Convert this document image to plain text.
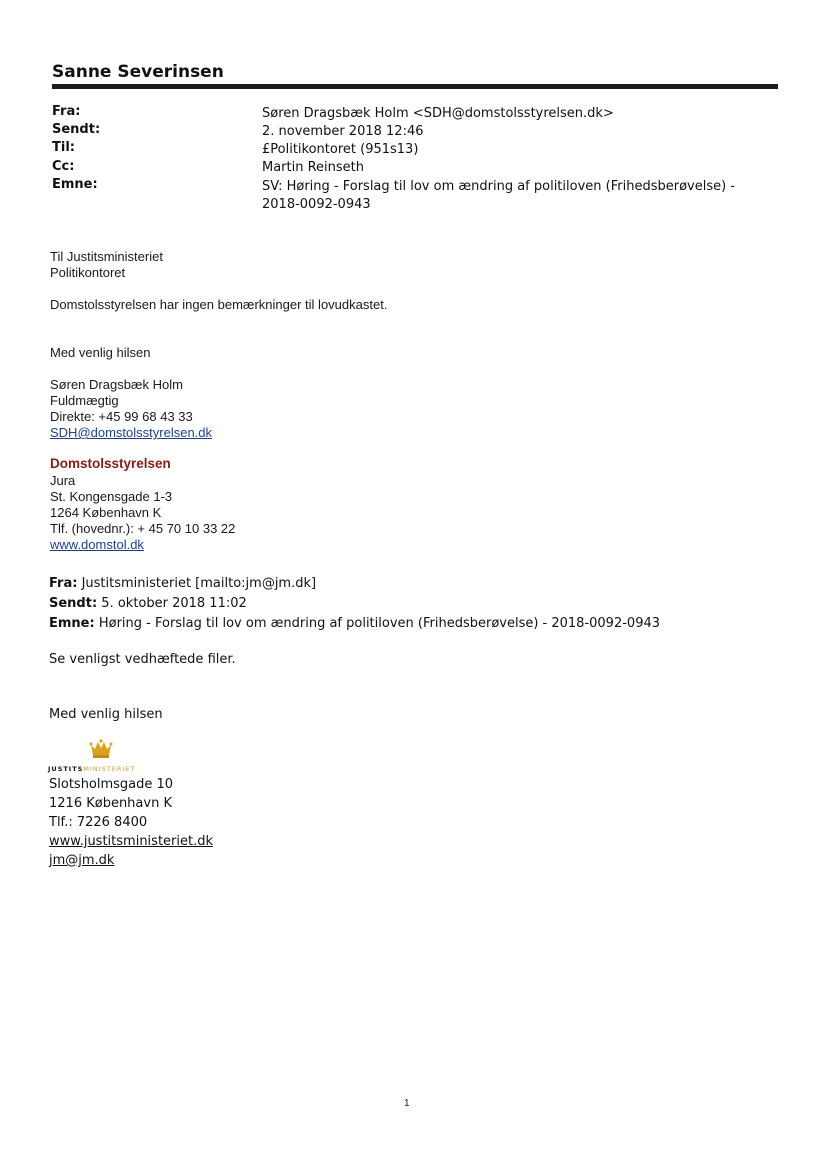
Sanne Severinsen
Fra:
Sendt:
Til:
Cc:
Emne:
Søren Dragsbæk Holm <SDH@domstolsstyrelsen.dk>
2. november 2018 12:46
£Politikontoret (951s13)
Martin Reinseth
SV: Høring - Forslag til lov om ændring af politiloven (Frihedsberøvelse) -
2018-0092-0943
Til Justitsministeriet
Politikontoret
Domstolsstyrelsen har ingen bemærkninger til lovudkastet.
Med venlig hilsen
Søren Dragsbæk Holm
Fuldmægtig
Direkte: +45 99 68 43 33
SDH@domstolsstyrelsen.dk
Domstolsstyrelsen
Jura
St. Kongensgade 1-3
1264 København K
Tlf. (hovednr.): + 45 70 10 33 22
www.domstol.dk
Fra: Justitsministeriet [mailto:jm@jm.dk]
Sendt: 5. oktober 2018 11:02
Emne: Høring - Forslag til lov om ændring af politiloven (Frihedsberøvelse) - 2018-0092-0943
Se venligst vedhæftede filer.
Med venlig hilsen
JUSTITSMINISTERIET
Slotsholmsgade 10
1216 København K
Tlf.: 7226 8400
www.justitsministeriet.dk
jm@jm.dk
1
